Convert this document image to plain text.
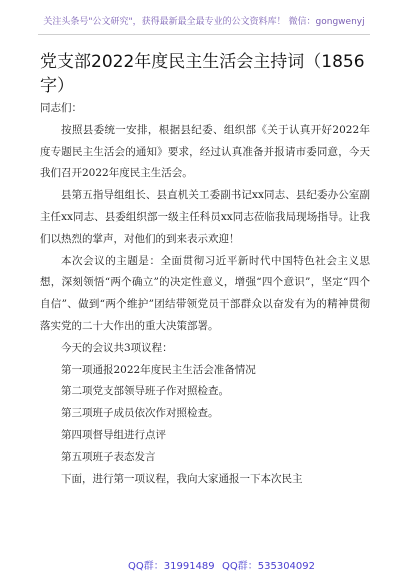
关注头条号"公文研究"，获得最新最全最专业的公文资料库！ 微信：gongwenyj
党支部2022年度民主生活会主持词（1856字）

同志们：

按照县委统一安排，根据县纪委、组织部《关于认真开好2022年度专题民主生活会的通知》要求，经过认真准备并报请市委同意，今天我们召开2022年度民主生活会。

县第五指导组组长、县直机关工委副书记xx同志、县纪委办公室副主任xx同志、县委组织部一级主任科员xx同志莅临我局现场指导。让我们以热烈的掌声，对他们的到来表示欢迎！

本次会议的主题是：全面贯彻习近平新时代中国特色社会主义思想，深刻领悟“两个确立”的决定性意义，增强“四个意识”，坚定“四个自信”、做到“两个维护”团结带领党员干部群众以奋发有为的精神贯彻落实党的二十大作出的重大决策部署。

今天的会议共3项议程：

第一项通报2022年度民主生活会准备情况

第二项党支部领导班子作对照检查。

第三项班子成员依次作对照检查。

第四项督导组进行点评

第五项班子表态发言

下面，进行第一项议程，我向大家通报一下本次民主

QQ群：31991489 QQ群：535304092
